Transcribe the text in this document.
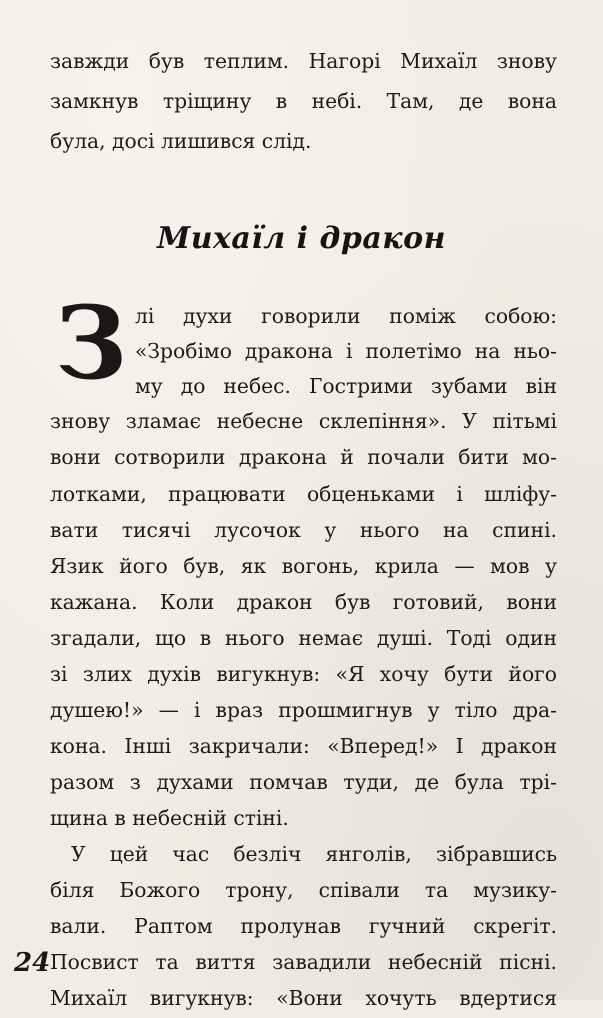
завжди був теплим. Нагорі Михаїл знову
замкнув тріщину в небі. Там, де вона
була, досі лишився слід.
Михаїл і дракон
З лі духи говорили поміж собою:
«Зробімо дракона і полетімо на ньо-
му до небес. Гострими зубами він
знову зламає небесне склепіння». У пітьмі
вони сотворили дракона й почали бити мо-
лотками, працювати обценьками і шліфу-
вати тисячі лусочок у нього на спині.
Язик його був, як вогонь, крила — мов у
кажана. Коли дракон був готовий, вони
згадали, що в нього немає душі. Тоді один
зі злих духів вигукнув: «Я хочу бути його
душею!» — і враз прошмигнув у тіло дра-
кона. Інші закричали: «Вперед!» І дракон
разом з духами помчав туди, де була трі-
щина в небесній стіні.
У цей час безліч янголів, зібравшись
біля Божого трону, співали та музику-
вали. Раптом пролунав гучний скрегіт.
Посвист та виття завадили небесній пісні.
Михаїл вигукнув: «Вони хочуть вдертися
24
